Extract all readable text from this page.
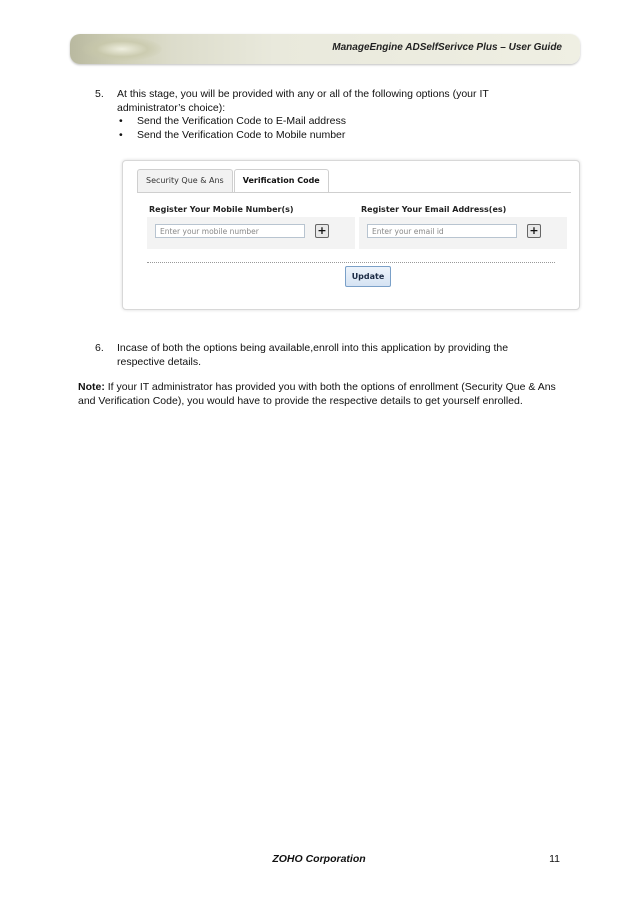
ManageEngine ADSelfSerivce Plus – User Guide
5. At this stage, you will be provided with any or all of the following options (your IT administrator’s choice):
• Send the Verification Code to E-Mail address
• Send the Verification Code to Mobile number
Security Que & Ans	Verification Code
Register Your Mobile Number(s)
Enter your mobile number	+
Register Your Email Address(es)
Enter your email id	+
Update
6. Incase of both the options being available,enroll into this application by providing the respective details.
Note: If your IT administrator has provided you with both the options of enrollment (Security Que & Ans and Verification Code), you would have to provide the respective details to get yourself enrolled.
ZOHO Corporation	11
